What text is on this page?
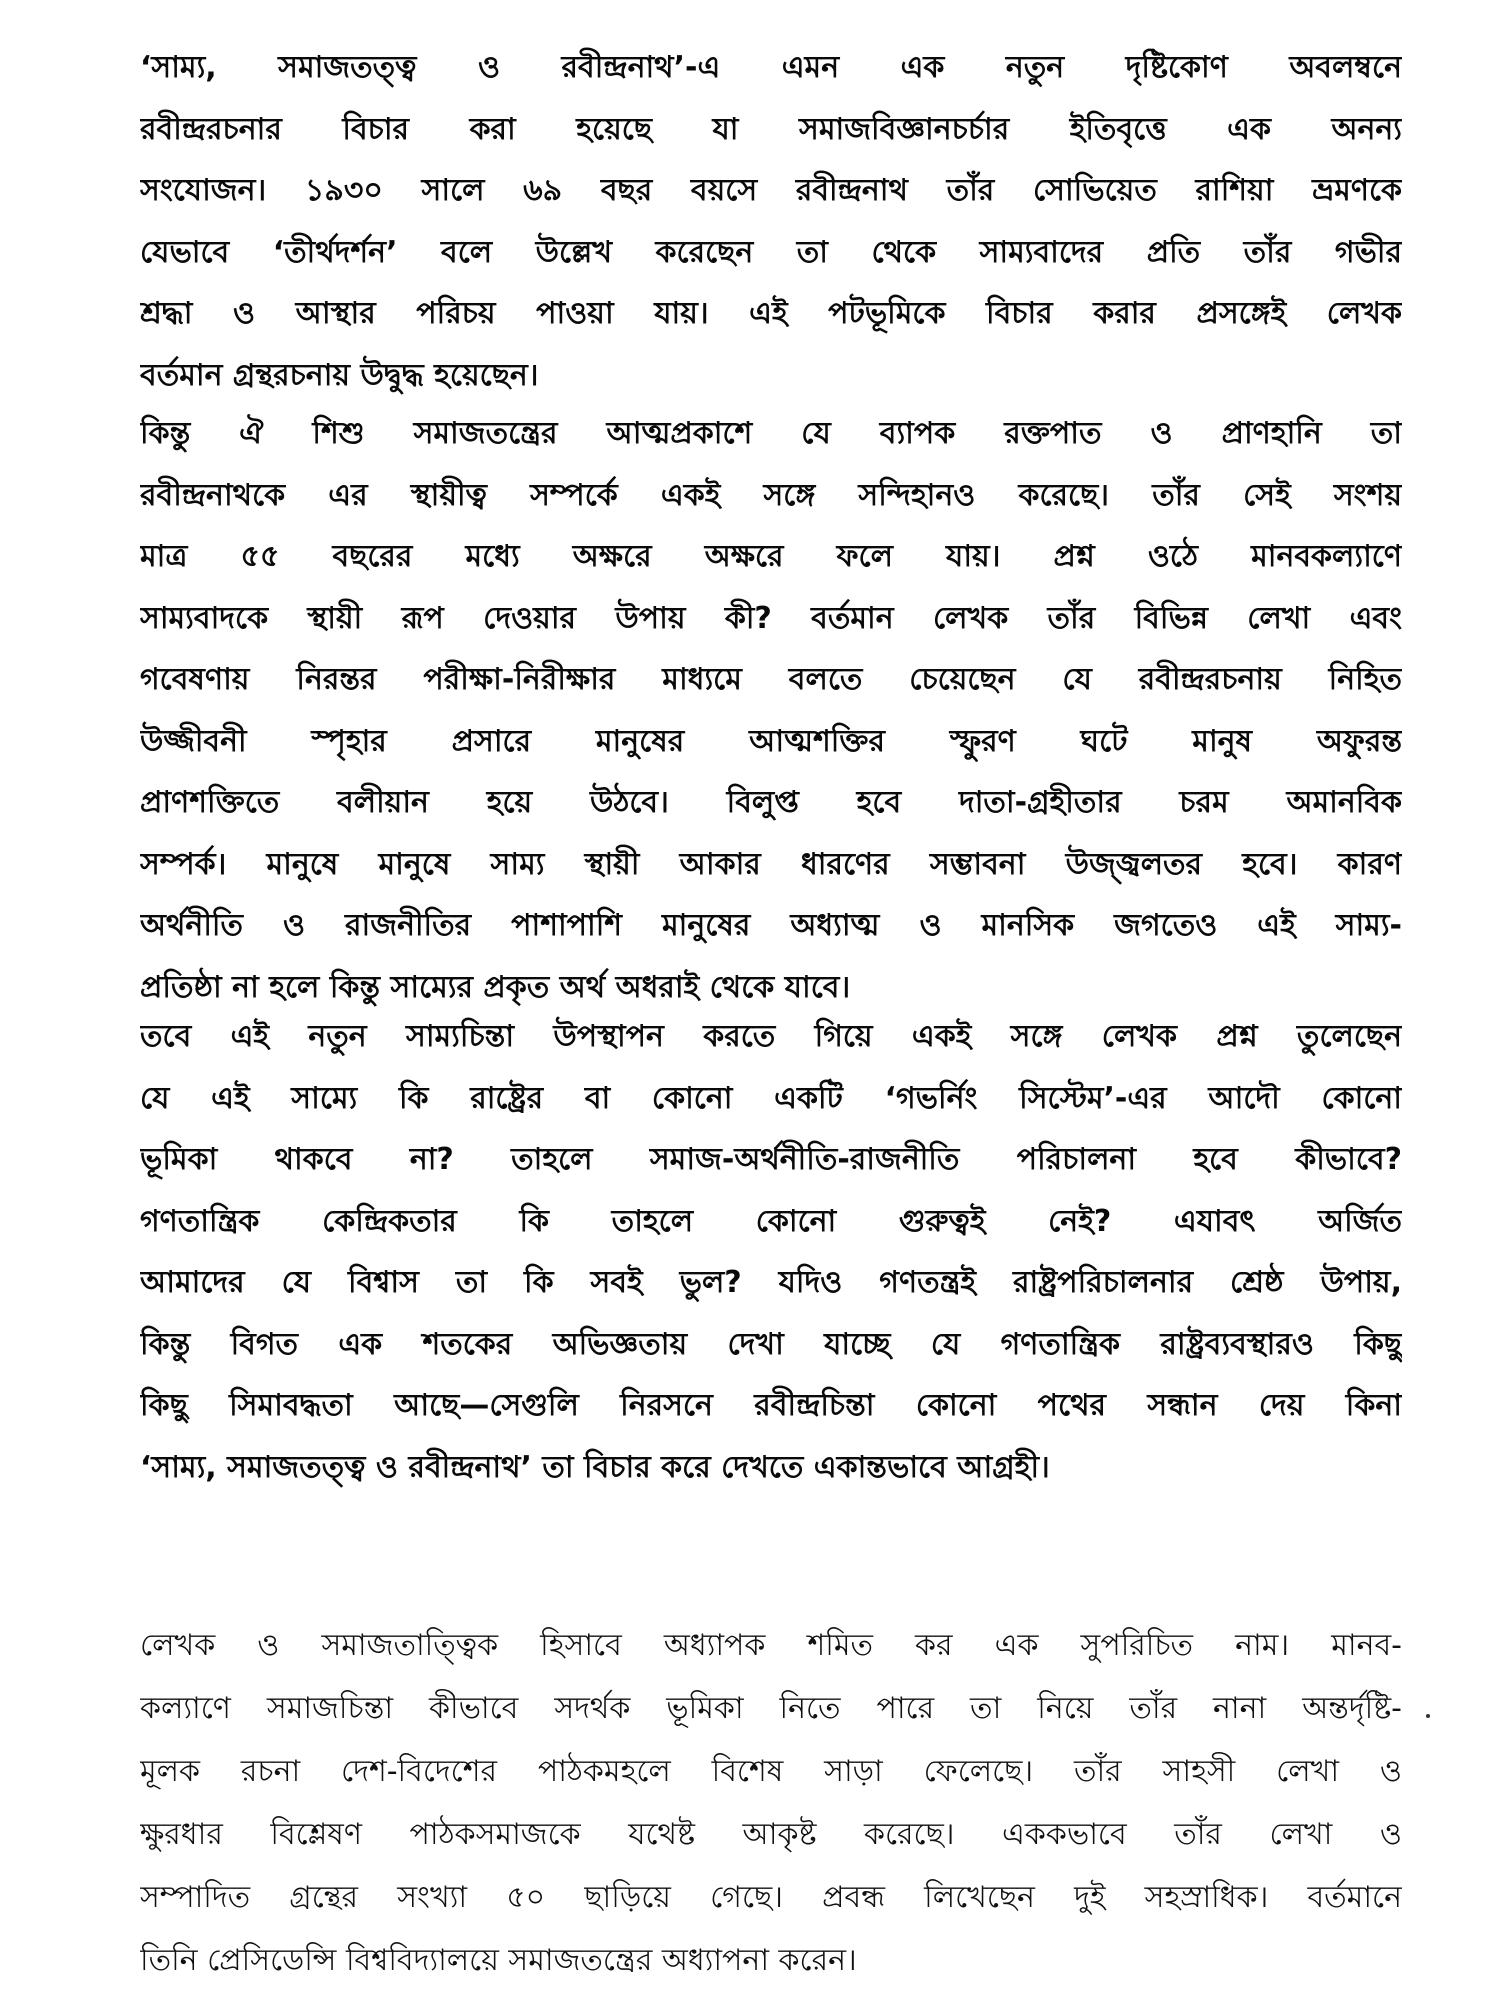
‘সাম্য, সমাজতত্ত্ব ও রবীন্দ্রনাথ’-এ এমন এক নতুন দৃষ্টিকোণ অবলম্বনে
রবীন্দ্ররচনার বিচার করা হয়েছে যা সমাজবিজ্ঞানচর্চার ইতিবৃত্তে এক অনন্য
সংযোজন। ১৯৩০ সালে ৬৯ বছর বয়সে রবীন্দ্রনাথ তাঁর সোভিয়েত রাশিয়া ভ্রমণকে
যেভাবে ‘তীর্থদর্শন’ বলে উল্লেখ করেছেন তা থেকে সাম্যবাদের প্রতি তাঁর গভীর
শ্রদ্ধা ও আস্থার পরিচয় পাওয়া যায়। এই পটভূমিকে বিচার করার প্রসঙ্গেই লেখক
বর্তমান গ্রন্থরচনায় উদ্বুদ্ধ হয়েছেন।
কিন্তু ঐ শিশু সমাজতন্ত্রের আত্মপ্রকাশে যে ব্যাপক রক্তপাত ও প্রাণহানি তা
রবীন্দ্রনাথকে এর স্থায়ীত্ব সম্পর্কে একই সঙ্গে সন্দিহানও করেছে। তাঁর সেই সংশয়
মাত্র ৫৫ বছরের মধ্যে অক্ষরে অক্ষরে ফলে যায়। প্রশ্ন ওঠে মানবকল্যাণে
সাম্যবাদকে স্থায়ী রূপ দেওয়ার উপায় কী? বর্তমান লেখক তাঁর বিভিন্ন লেখা এবং
গবেষণায় নিরন্তর পরীক্ষা-নিরীক্ষার মাধ্যমে বলতে চেয়েছেন যে রবীন্দ্ররচনায় নিহিত
উজ্জীবনী স্পৃহার প্রসারে মানুষের আত্মশক্তির স্ফুরণ ঘটে মানুষ অফুরন্ত
প্রাণশক্তিতে বলীয়ান হয়ে উঠবে। বিলুপ্ত হবে দাতা-গ্রহীতার চরম অমানবিক
সম্পর্ক। মানুষে মানুষে সাম্য স্থায়ী আকার ধারণের সম্ভাবনা উজ্জ্বলতর হবে। কারণ
অর্থনীতি ও রাজনীতির পাশাপাশি মানুষের অধ্যাত্ম ও মানসিক জগতেও এই সাম্য-
প্রতিষ্ঠা না হলে কিন্তু সাম্যের প্রকৃত অর্থ অধরাই থেকে যাবে।
তবে এই নতুন সাম্যচিন্তা উপস্থাপন করতে গিয়ে একই সঙ্গে লেখক প্রশ্ন তুলেছেন
যে এই সাম্যে কি রাষ্ট্রের বা কোনো একটি ‘গভর্নিং সিস্টেম’-এর আদৌ কোনো
ভূমিকা থাকবে না? তাহলে সমাজ-অর্থনীতি-রাজনীতি পরিচালনা হবে কীভাবে?
গণতান্ত্রিক কেন্দ্রিকতার কি তাহলে কোনো গুরুত্বই নেই? এযাবৎ অর্জিত
আমাদের যে বিশ্বাস তা কি সবই ভুল? যদিও গণতন্ত্রই রাষ্ট্রপরিচালনার শ্রেষ্ঠ উপায়,
কিন্তু বিগত এক শতকের অভিজ্ঞতায় দেখা যাচ্ছে যে গণতান্ত্রিক রাষ্ট্রব্যবস্থারও কিছু
কিছু সিমাবদ্ধতা আছে—সেগুলি নিরসনে রবীন্দ্রচিন্তা কোনো পথের সন্ধান দেয় কিনা
‘সাম্য, সমাজতত্ত্ব ও রবীন্দ্রনাথ’ তা বিচার করে দেখতে একান্তভাবে আগ্রহী।
লেখক ও সমাজতাত্ত্বিক হিসাবে অধ্যাপক শমিত কর এক সুপরিচিত নাম। মানব-
কল্যাণে সমাজচিন্তা কীভাবে সদর্থক ভূমিকা নিতে পারে তা নিয়ে তাঁর নানা অন্তর্দৃষ্টি-
মূলক রচনা দেশ-বিদেশের পাঠকমহলে বিশেষ সাড়া ফেলেছে। তাঁর সাহসী লেখা ও
ক্ষুরধার বিশ্লেষণ পাঠকসমাজকে যথেষ্ট আকৃষ্ট করেছে। এককভাবে তাঁর লেখা ও
সম্পাদিত গ্রন্থের সংখ্যা ৫০ ছাড়িয়ে গেছে। প্রবন্ধ লিখেছেন দুই সহস্রাধিক। বর্তমানে
তিনি প্রেসিডেন্সি বিশ্ববিদ্যালয়ে সমাজতন্ত্রের অধ্যাপনা করেন।
